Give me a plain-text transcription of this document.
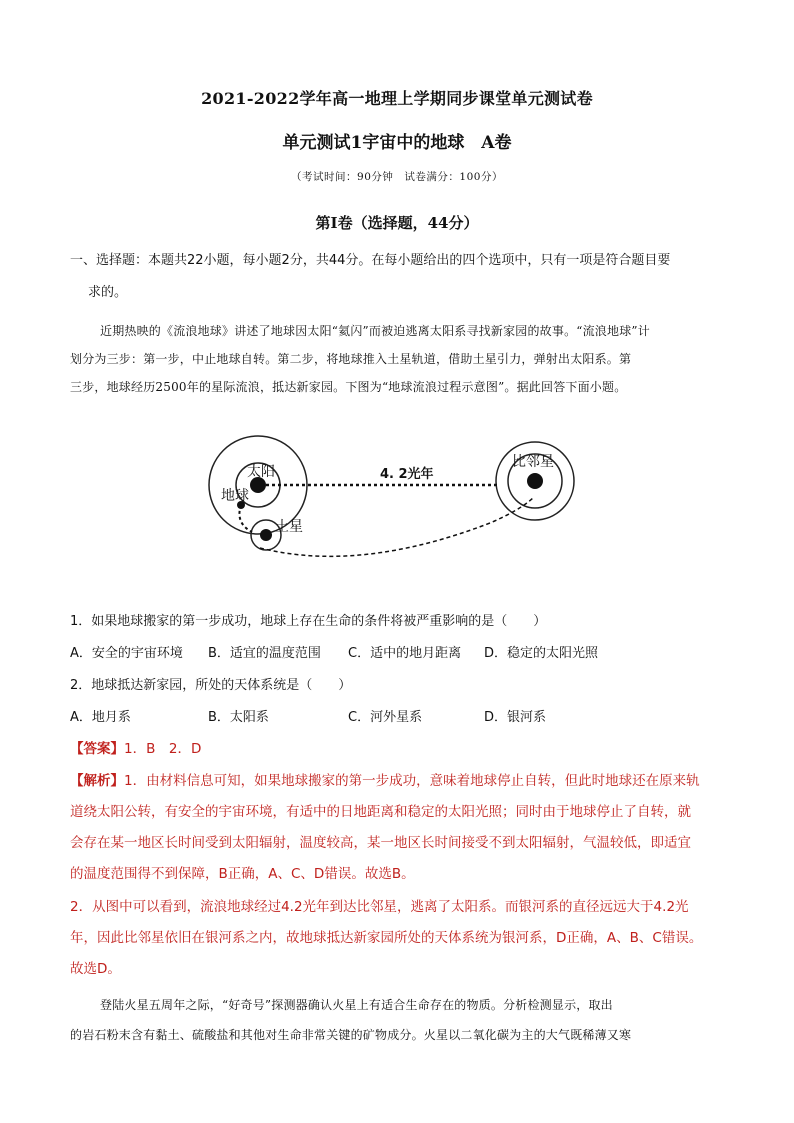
2021-2022学年高一地理上学期同步课堂单元测试卷
单元测试1宇宙中的地球　A卷
（考试时间：90分钟　试卷满分：100分）
第Ⅰ卷（选择题，44分）
一、选择题：本题共22小题，每小题2分，共44分。在每小题给出的四个选项中，只有一项是符合题目要
求的。
近期热映的《流浪地球》讲述了地球因太阳“氦闪”而被迫逃离太阳系寻找新家园的故事。“流浪地球”计
划分为三步：第一步，中止地球自转。第二步，将地球推入土星轨道，借助土星引力，弹射出太阳系。第
三步，地球经历2500年的星际流浪，抵达新家园。下图为“地球流浪过程示意图”。据此回答下面小题。
太阳
地球
土星
比邻星
4. 2光年
1．如果地球搬家的第一步成功，地球上存在生命的条件将被严重影响的是（　　）
A．安全的宇宙环境 B．适宜的温度范围 C．适中的地月距离 D．稳定的太阳光照
2．地球抵达新家园，所处的天体系统是（　　）
A．地月系	B．太阳系	C．河外星系	D．银河系
【答案】1．B　2．D
【解析】1．由材料信息可知，如果地球搬家的第一步成功，意味着地球停止自转，但此时地球还在原来轨
道绕太阳公转，有安全的宇宙环境，有适中的日地距离和稳定的太阳光照；同时由于地球停止了自转，就
会存在某一地区长时间受到太阳辐射，温度较高，某一地区长时间接受不到太阳辐射，气温较低，即适宜
的温度范围得不到保障，B正确，A、C、D错误。故选B。
2．从图中可以看到，流浪地球经过4.2光年到达比邻星，逃离了太阳系。而银河系的直径远远大于4.2光
年，因此比邻星依旧在银河系之内，故地球抵达新家园所处的天体系统为银河系，D正确，A、B、C错误。
故选D。
登陆火星五周年之际，“好奇号”探测器确认火星上有适合生命存在的物质。分析检测显示，取出
的岩石粉末含有黏土、硫酸盐和其他对生命非常关键的矿物成分。火星以二氧化碳为主的大气既稀薄又寒
